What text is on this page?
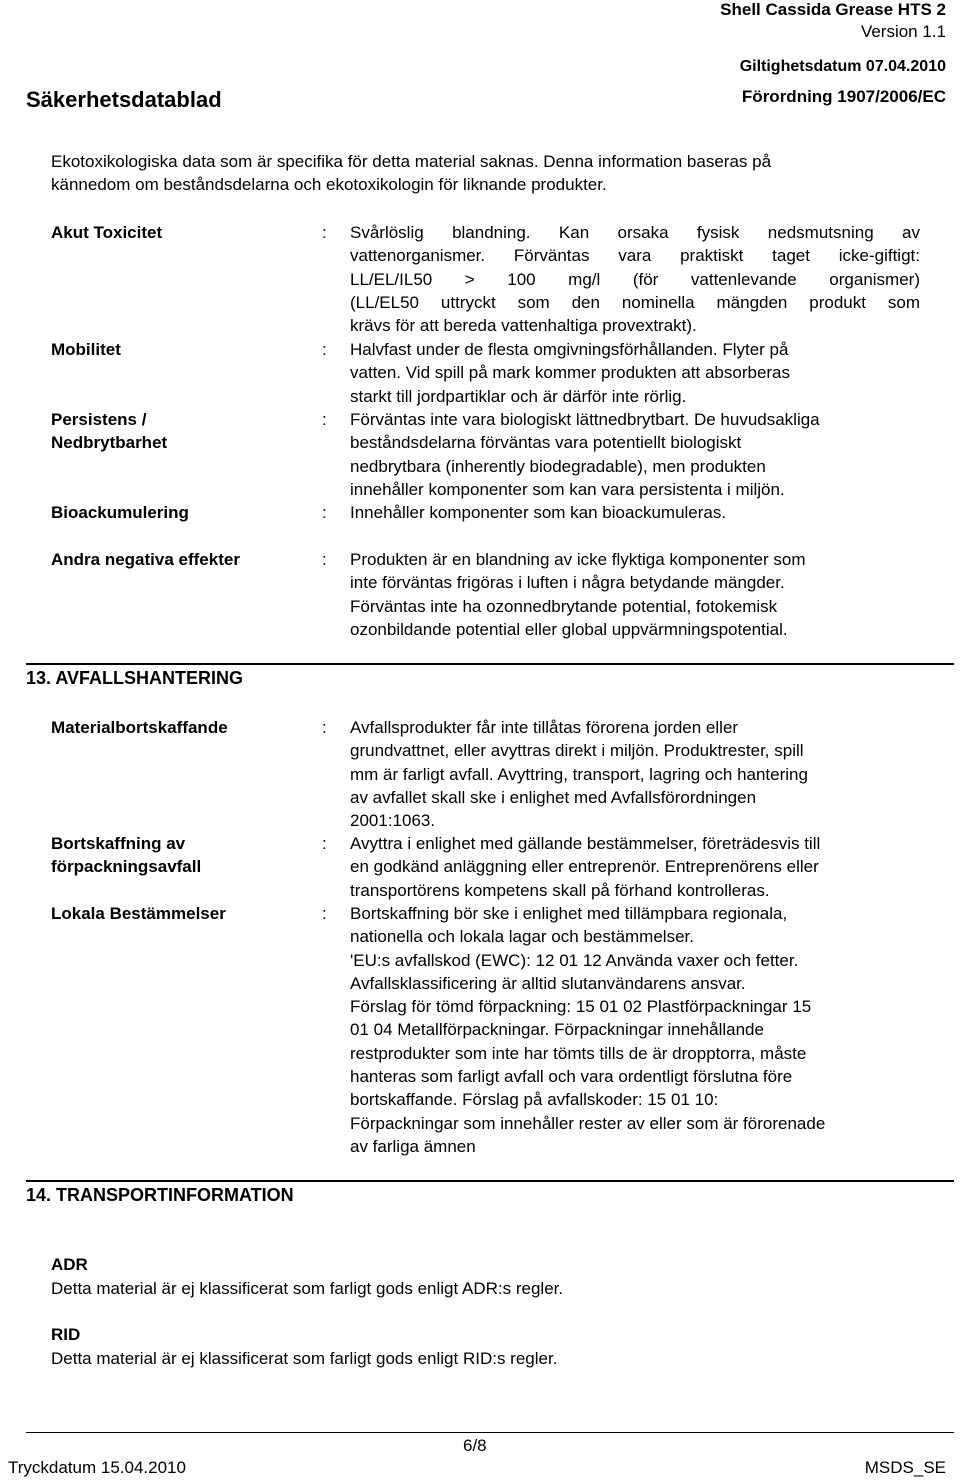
Shell Cassida Grease HTS 2
Version 1.1
Giltighetsdatum 07.04.2010
Säkerhetsdatablad	Förordning 1907/2006/EC
Ekotoxikologiska data som är specifika för detta material saknas. Denna information baseras på
kännedom om beståndsdelarna och ekotoxikologin för liknande produkter.
Akut Toxicitet	: Svårlöslig blandning. Kan orsaka fysisk nedsmutsning av
vattenorganismer. Förväntas vara praktiskt taget icke-giftigt:
LL/EL/IL50 > 100 mg/l (för vattenlevande organismer)
(LL/EL50 uttryckt som den nominella mängden produkt som
krävs för att bereda vattenhaltiga provextrakt).
Mobilitet	: Halvfast under de flesta omgivningsförhållanden. Flyter på
vatten. Vid spill på mark kommer produkten att absorberas
starkt till jordpartiklar och är därför inte rörlig.
Persistens / Nedbrytbarhet
: Förväntas inte vara biologiskt lättnedbrytbart. De huvudsakliga
beståndsdelarna förväntas vara potentiellt biologiskt
nedbrytbara (inherently biodegradable), men produkten
innehåller komponenter som kan vara persistenta i miljön.
Bioackumulering	: Innehåller komponenter som kan bioackumuleras.
Andra negativa effekter	: Produkten är en blandning av icke flyktiga komponenter som
inte förväntas frigöras i luften i några betydande mängder.
Förväntas inte ha ozonnedbrytande potential, fotokemisk
ozonbildande potential eller global uppvärmningspotential.
13. AVFALLSHANTERING
Materialbortskaffande	: Avfallsprodukter får inte tillåtas förorena jorden eller
grundvattnet, eller avyttras direkt i miljön. Produktrester, spill
mm är farligt avfall. Avyttring, transport, lagring och hantering
av avfallet skall ske i enlighet med Avfallsförordningen
2001:1063.
Bortskaffning av förpackningsavfall
: Avyttra i enlighet med gällande bestämmelser, företrädesvis till
en godkänd anläggning eller entreprenör. Entreprenörens eller
transportörens kompetens skall på förhand kontrolleras.
Lokala Bestämmelser	: Bortskaffning bör ske i enlighet med tillämpbara regionala,
nationella och lokala lagar och bestämmelser.
'EU:s avfallskod (EWC): 12 01 12 Använda vaxer och fetter.
Avfallsklassificering är alltid slutanvändarens ansvar.
Förslag för tömd förpackning: 15 01 02 Plastförpackningar 15
01 04 Metallförpackningar. Förpackningar innehållande
restprodukter som inte har tömts tills de är dropptorra, måste
hanteras som farligt avfall och vara ordentligt förslutna före
bortskaffande. Förslag på avfallskoder: 15 01 10:
Förpackningar som innehåller rester av eller som är förorenade
av farliga ämnen
14. TRANSPORTINFORMATION
ADR
Detta material är ej klassificerat som farligt gods enligt ADR:s regler.
RID
Detta material är ej klassificerat som farligt gods enligt RID:s regler.
6/8
Tryckdatum 15.04.2010	MSDS_SE
